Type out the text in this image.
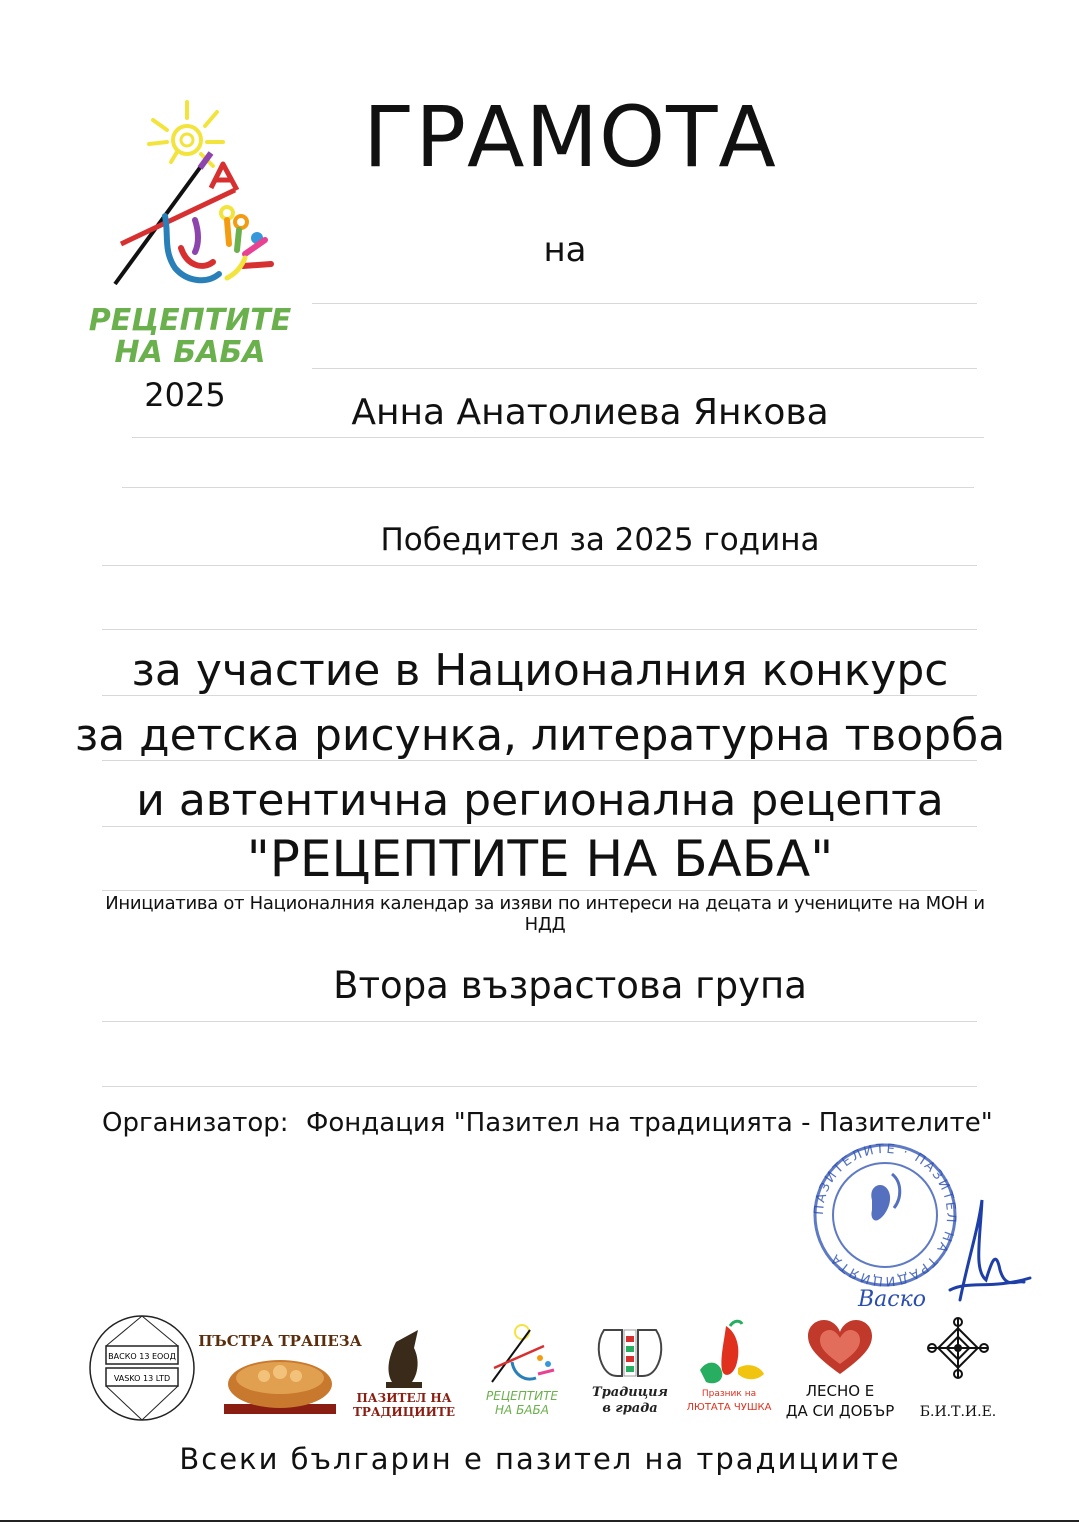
РЕЦЕПТИТЕ
НА БАБА
2025
ГРАМОТА
на
Анна Анатолиева Янкова
Победител за 2025 година
за участие в Националния конкурс
за детска рисунка, литературна творба
и автентична регионална рецепта
"РЕЦЕПТИТЕ НА БАБА"
Инициатива от Националния календар за изяви по интереси на децата и учениците на МОН и НДД
Втора възрастова група
Организатор: Фондация "Пазител на традицията - Пазителите"
ПАЗИТЕЛИТЕ · ПАЗИТЕЛ НА ТРАДИЦИЯТА
Васко
ВАСКО 13 ЕООД
VASKO 13 LTD
ПЪСТРА ТРАПЕЗА
ПАЗИТЕЛ НА
ТРАДИЦИИТЕ
РЕЦЕПТИТЕ
НА БАБА
Традиция
в града
Празник на
ЛЮТАТА ЧУШКА
ЛЕСНО Е
ДА СИ ДОБЪР Б.И.Т.И.Е.
Всеки българин е пазител на традициите
